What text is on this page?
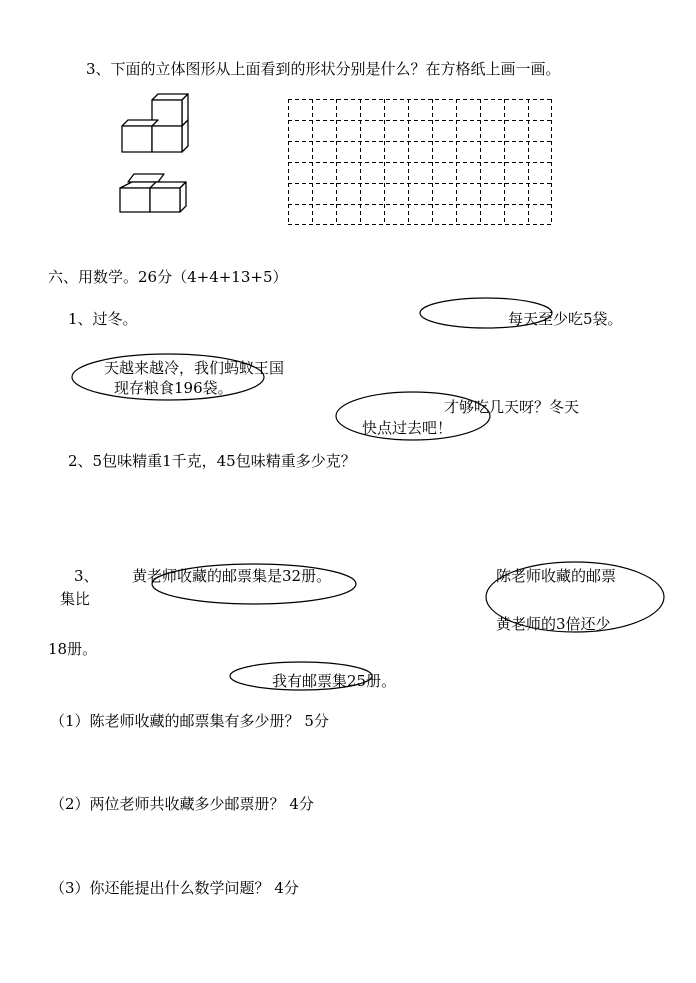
3、下面的立体图形从上面看到的形状分别是什么？在方格纸上画一画。
六、用数学。26分（4+4+13+5）
1、过冬。	每天至少吃5袋。
天越来越冷，我们蚂蚁王国
现存粮食196袋。
才够吃几天呀？冬天
快点过去吧！
2、5包味精重1千克，45包味精重多少克？
3、 黄老师收藏的邮票集是32册。	陈老师收藏的邮票
黄老师的3倍还少
集比
18册。
我有邮票集25册。
（1）陈老师收藏的邮票集有多少册？ 5分
（2）两位老师共收藏多少邮票册？ 4分
（3）你还能提出什么数学问题？ 4分
